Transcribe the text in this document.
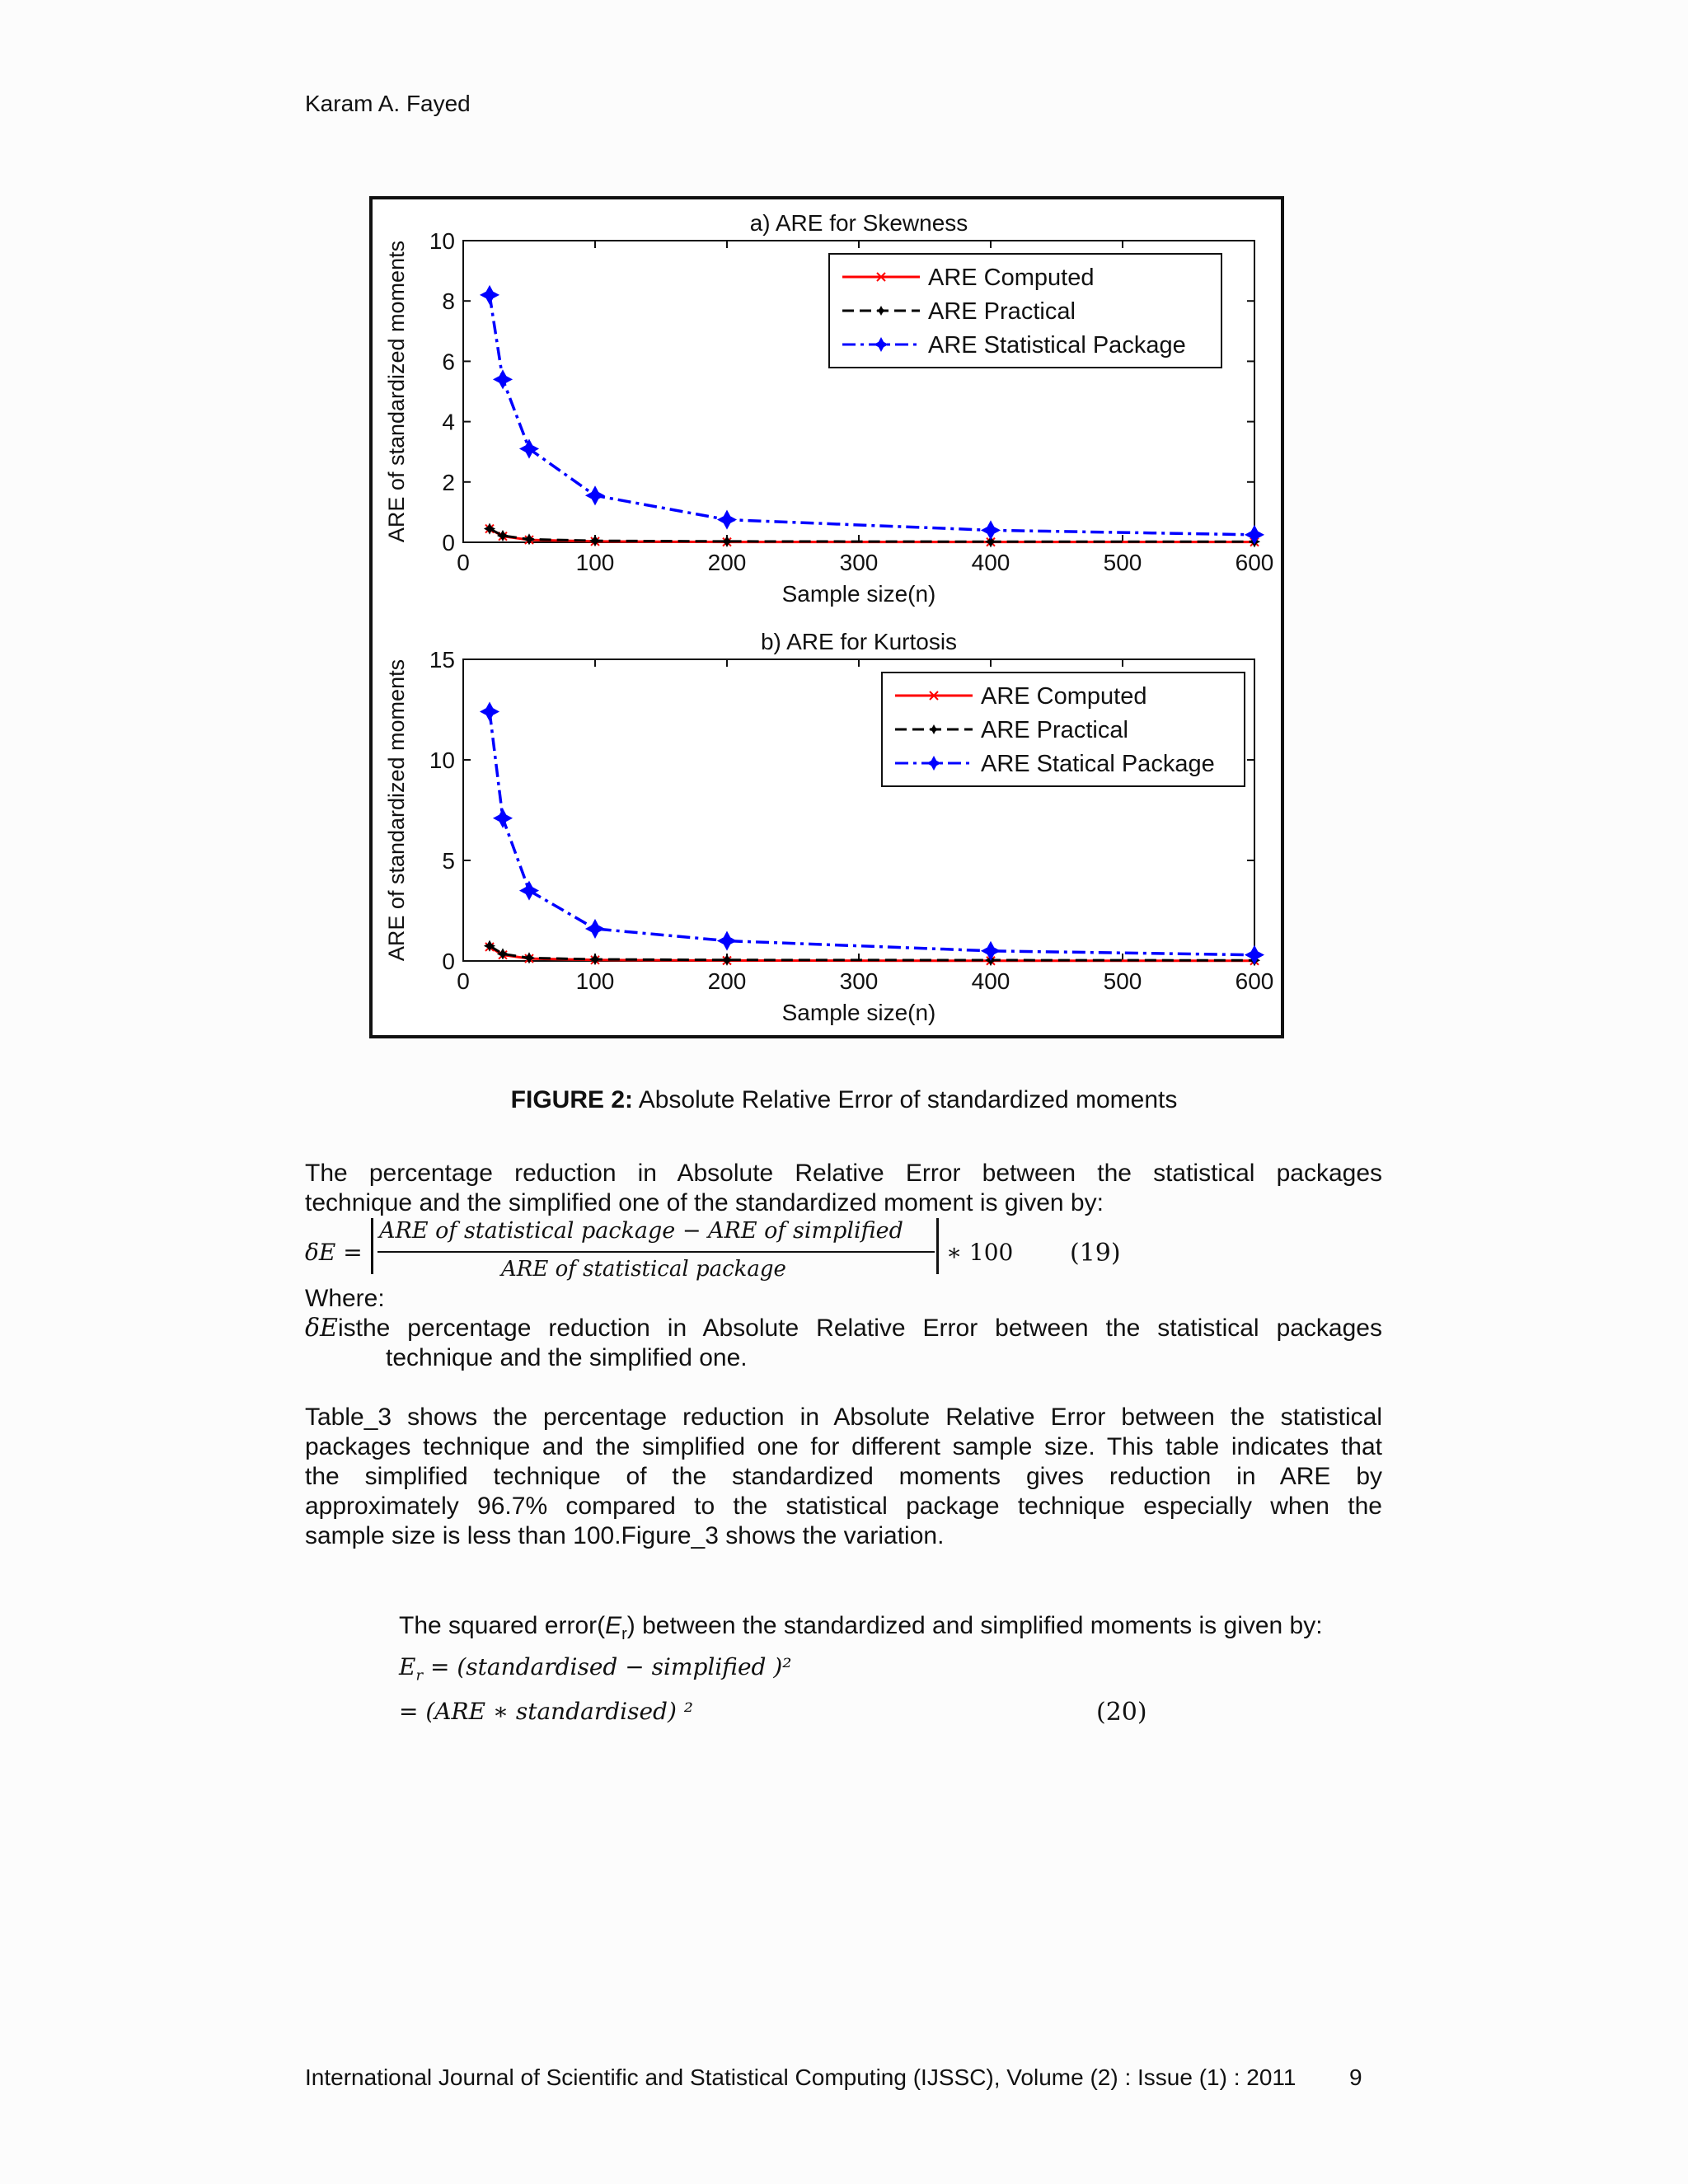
Karam A. Fayed
a) ARE for Skewness
0	100	200	300	400	500	600
0
2
4
6
8
10
Sample size(n)
ARE of standardized moments	ARE Computed
ARE Practical
ARE Statistical Package
b) ARE for Kurtosis
0	100	200	300	400	500	600
0
5
10
15
Sample size(n)
ARE of standardized moments	ARE Computed
ARE Practical
ARE Statical Package
FIGURE 2: Absolute Relative Error of standardized moments
The percentage reduction in Absolute Relative Error between the statistical packages
technique and the simplified one of the standardized moment is given by:
δE =
ARE of statistical package − ARE of simplified
ARE of statistical package
∗ 100 (19)
Where:
δEisthe percentage reduction in Absolute Relative Error between the statistical packages
technique and the simplified one.
Table_3 shows the percentage reduction in Absolute Relative Error between the statistical
packages technique and the simplified one for different sample size. This table indicates that
the simplified technique of the standardized moments gives reduction in ARE by
approximately 96.7% compared to the statistical package technique especially when the
sample size is less than 100.Figure_3 shows the variation.
The squared $error(E_r)$ between the standardized and simplified moments is given by:
$E_r$ = (standardised − simplified )²
= (ARE ∗ standardised) ²	(20)
International Journal of Scientific and Statistical Computing (IJSSC), Volume (2) : Issue (1) : 2011 9
